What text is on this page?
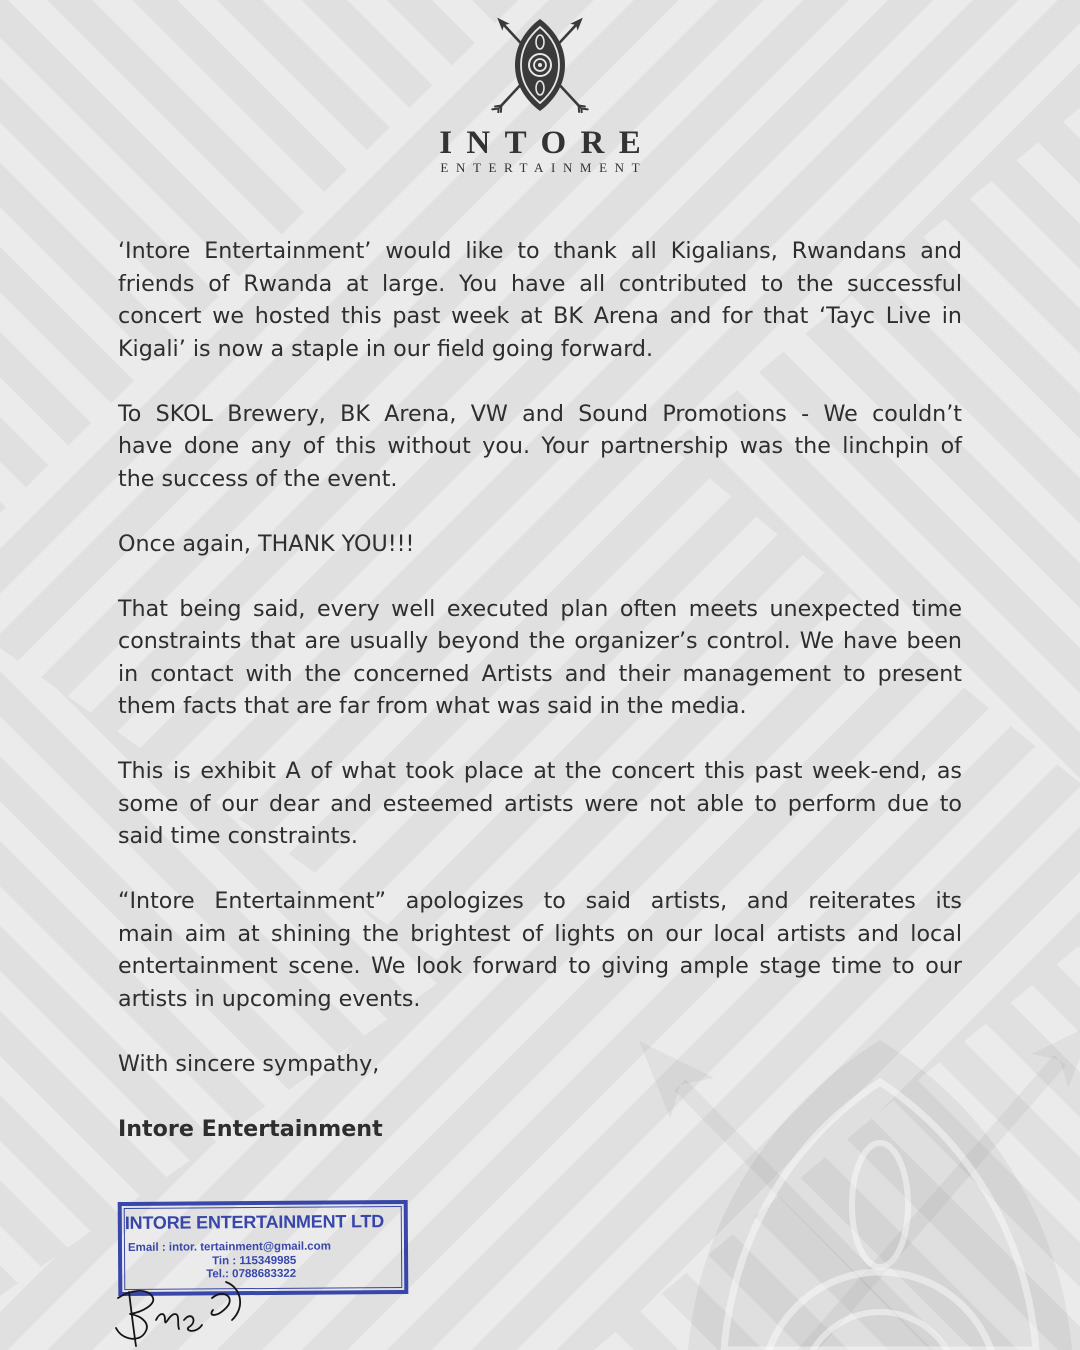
INTORE
ENTERTAINMENT
‘Intore Entertainment’ would like to thank all Kigalians, Rwandans and
friends of Rwanda at large. You have all contributed to the successful
concert we hosted this past week at BK Arena and for that ‘Tayc Live in
Kigali’ is now a staple in our field going forward.
To SKOL Brewery, BK Arena, VW and Sound Promotions - We couldn’t
have done any of this without you. Your partnership was the linchpin of
the success of the event.
Once again, THANK YOU!!!
That being said, every well executed plan often meets unexpected time
constraints that are usually beyond the organizer’s control. We have been
in contact with the concerned Artists and their management to present
them facts that are far from what was said in the media.
This is exhibit A of what took place at the concert this past week-end, as
some of our dear and esteemed artists were not able to perform due to
said time constraints.
“Intore Entertainment” apologizes to said artists, and reiterates its
main aim at shining the brightest of lights on our local artists and local
entertainment scene. We look forward to giving ample stage time to our
artists in upcoming events.
With sincere sympathy,
Intore Entertainment
INTORE ENTERTAINMENT LTD
Email : intor. tertainment@gmail.com
Tin : 115349985
Tel.: 0788683322
